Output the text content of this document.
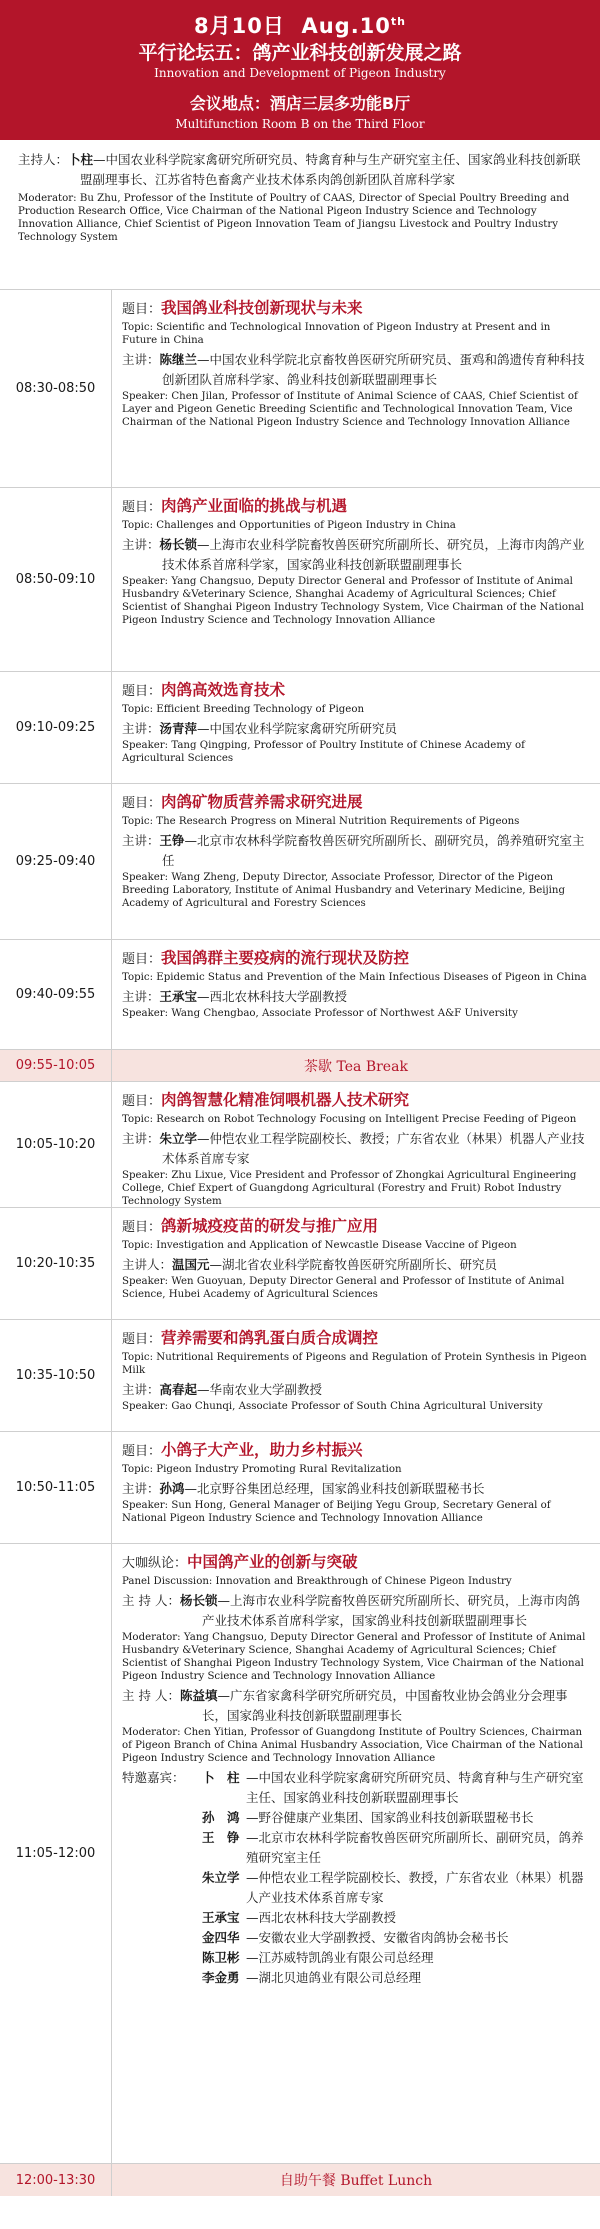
8月10日 Aug.10th
平行论坛五：鸽产业科技创新发展之路
Innovation and Development of Pigeon Industry
会议地点：酒店三层多功能B厅
Multifunction Room B on the Third Floor
主持人：卜柱—中国农业科学院家禽研究所研究员、特禽育种与生产研究室主任、国家鸽业科技创新联盟副理事长、江苏省特色畜禽产业技术体系肉鸽创新团队首席科学家
Moderator: Bu Zhu, Professor of the Institute of Poultry of CAAS, Director of Special Poultry Breeding and Production Research Office, Vice Chairman of the National Pigeon Industry Science and Technology Innovation Alliance, Chief Scientist of Pigeon Innovation Team of Jiangsu Livestock and Poultry Industry Technology System
08:30-08:50
题目：我国鸽业科技创新现状与未来
Topic: Scientific and Technological Innovation of Pigeon Industry at Present and in Future in China
主讲：陈继兰—中国农业科学院北京畜牧兽医研究所研究员、蛋鸡和鸽遗传育种科技创新团队首席科学家、鸽业科技创新联盟副理事长
Speaker: Chen Jilan, Professor of Institute of Animal Science of CAAS, Chief Scientist of Layer and Pigeon Genetic Breeding Scientific and Technological Innovation Team, Vice Chairman of the National Pigeon Industry Science and Technology Innovation Alliance
08:50-09:10
题目：肉鸽产业面临的挑战与机遇
Topic: Challenges and Opportunities of Pigeon Industry in China
主讲：杨长锁—上海市农业科学院畜牧兽医研究所副所长、研究员，上海市肉鸽产业技术体系首席科学家，国家鸽业科技创新联盟副理事长
Speaker: Yang Changsuo, Deputy Director General and Professor of Institute of Animal Husbandry &Veterinary Science, Shanghai Academy of Agricultural Sciences; Chief Scientist of Shanghai Pigeon Industry Technology System, Vice Chairman of the National Pigeon Industry Science and Technology Innovation Alliance
09:10-09:25
题目：肉鸽高效选育技术
Topic: Efficient Breeding Technology of Pigeon
主讲：汤青萍—中国农业科学院家禽研究所研究员
Speaker: Tang Qingping, Professor of Poultry Institute of Chinese Academy of Agricultural Sciences
09:25-09:40
题目：肉鸽矿物质营养需求研究进展
Topic: The Research Progress on Mineral Nutrition Requirements of Pigeons
主讲：王铮—北京市农林科学院畜牧兽医研究所副所长、副研究员，鸽养殖研究室主任
Speaker: Wang Zheng, Deputy Director, Associate Professor, Director of the Pigeon Breeding Laboratory, Institute of Animal Husbandry and Veterinary Medicine, Beijing Academy of Agricultural and Forestry Sciences
09:40-09:55
题目：我国鸽群主要疫病的流行现状及防控
Topic: Epidemic Status and Prevention of the Main Infectious Diseases of Pigeon in China
主讲：王承宝—西北农林科技大学副教授
Speaker: Wang Chengbao, Associate Professor of Northwest A&F University
09:55-10:05	茶歇 Tea Break
10:05-10:20
题目：肉鸽智慧化精准饲喂机器人技术研究
Topic: Research on Robot Technology Focusing on Intelligent Precise Feeding of Pigeon
主讲：朱立学—仲恺农业工程学院副校长、教授；广东省农业（林果）机器人产业技术体系首席专家
Speaker: Zhu Lixue, Vice President and Professor of Zhongkai Agricultural Engineering College, Chief Expert of Guangdong Agricultural (Forestry and Fruit) Robot Industry Technology System
10:20-10:35
题目：鸽新城疫疫苗的研发与推广应用
Topic: Investigation and Application of Newcastle Disease Vaccine of Pigeon
主讲人：温国元—湖北省农业科学院畜牧兽医研究所副所长、研究员
Speaker: Wen Guoyuan, Deputy Director General and Professor of Institute of Animal Science, Hubei Academy of Agricultural Sciences
10:35-10:50
题目：营养需要和鸽乳蛋白质合成调控
Topic: Nutritional Requirements of Pigeons and Regulation of Protein Synthesis in Pigeon Milk
主讲：高春起—华南农业大学副教授
Speaker: Gao Chunqi, Associate Professor of South China Agricultural University
10:50-11:05
题目：小鸽子大产业，助力乡村振兴
Topic: Pigeon Industry Promoting Rural Revitalization
主讲：孙鸿—北京野谷集团总经理，国家鸽业科技创新联盟秘书长
Speaker: Sun Hong, General Manager of Beijing Yegu Group, Secretary General of National Pigeon Industry Science and Technology Innovation Alliance
11:05-12:00
大咖纵论：中国鸽产业的创新与突破
Panel Discussion: Innovation and Breakthrough of Chinese Pigeon Industry
主 持 人：杨长锁—上海市农业科学院畜牧兽医研究所副所长、研究员，上海市肉鸽产业技术体系首席科学家，国家鸽业科技创新联盟副理事长
Moderator: Yang Changsuo, Deputy Director General and Professor of Institute of Animal Husbandry &Veterinary Science, Shanghai Academy of Agricultural Sciences; Chief Scientist of Shanghai Pigeon Industry Technology System, Vice Chairman of the National Pigeon Industry Science and Technology Innovation Alliance
主 持 人：陈益填—广东省家禽科学研究所研究员，中国畜牧业协会鸽业分会理事长，国家鸽业科技创新联盟副理事长
Moderator: Chen Yitian, Professor of Guangdong Institute of Poultry Sciences, Chairman of Pigeon Branch of China Animal Husbandry Association, Vice Chairman of the National Pigeon Industry Science and Technology Innovation Alliance
特邀嘉宾：	卜　柱 —中国农业科学院家禽研究所研究员、特禽育种与生产研究室主任、国家鸽业科技创新联盟副理事长
孙　鸿 —野谷健康产业集团、国家鸽业科技创新联盟秘书长
王　铮 —北京市农林科学院畜牧兽医研究所副所长、副研究员，鸽养殖研究室主任
朱立学 —仲恺农业工程学院副校长、教授，广东省农业（林果）机器人产业技术体系首席专家
王承宝 —西北农林科技大学副教授
金四华 —安徽农业大学副教授、安徽省肉鸽协会秘书长
陈卫彬 —江苏威特凯鸽业有限公司总经理
李金勇 —湖北贝迪鸽业有限公司总经理
12:00-13:30	自助午餐 Buffet Lunch
